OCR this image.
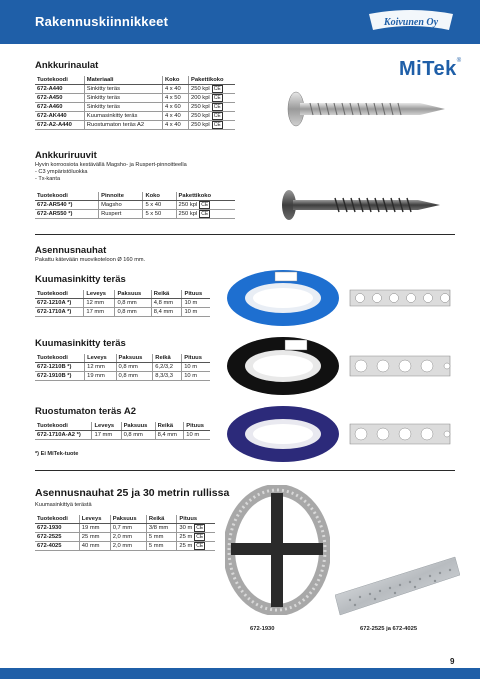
Rakennuskiinnikkeet	Koivunen Oy
MiTek®
Ankkurinaulat
Tuotekoodi	Materiaali	Koko	Pakettikoko
672-A440	Sinkitty teräs	4 x 40	250 kpl CE
672-A450	Sinkitty teräs	4 x 50	200 kpl CE
672-A460	Sinkitty teräs	4 x 60	250 kpl CE
672-AK440	Kuumasinkitty teräs	4 x 40	250 kpl CE
672-A2-A440	Ruostumaton teräs A2	4 x 40	250 kpl CE
Ankkuriruuvit
Hyvin korroosiota kestävällä Magsho- ja Ruspert-pinnoitteella
- C3 ympäristöluokka
- Tx-kanta
Tuotekoodi	Pinnoite	Koko	Pakettikoko
672-AR540 *)	Magsho	5 x 40	250 kpl CE
672-AR550 *)	Ruspert	5 x 50	250 kpl CE
Asennusnauhat
Pakattu kätevään muovikoteloon Ø 160 mm.
Kuumasinkitty teräs
Tuotekoodi	Leveys	Paksuus	Reikä	Pituus
672-1210A *)	12 mm	0,8 mm	4,8 mm	10 m
672-1710A *)	17 mm	0,8 mm	8,4 mm	10 m
Kuumasinkitty teräs
Tuotekoodi	Leveys	Paksuus	Reikä	Pituus
672-1210B *)	12 mm	0,8 mm	6,2/3,2	10 m
672-1910B *)	19 mm	0,8 mm	8,3/3,3	10 m
Ruostumaton teräs A2
Tuotekoodi	Leveys	Paksuus	Reikä	Pituus
672-1710A-A2 *)	17 mm	0,8 mm	8,4 mm	10 m
*) Ei MiTek-tuote
Asennusnauhat 25 ja 30 metrin rullissa
Kuumasinkittyä terästä
Tuotekoodi	Leveys	Paksuus	Reikä	Pituus
672-1930	19 mm	0,7 mm	3/8 mm	30 m CE
672-2525	25 mm	2,0 mm	5 mm	25 m CE
672-4025	40 mm	2,0 mm	5 mm	25 m CE
672-1930	672-2525 ja 672-4025
9
